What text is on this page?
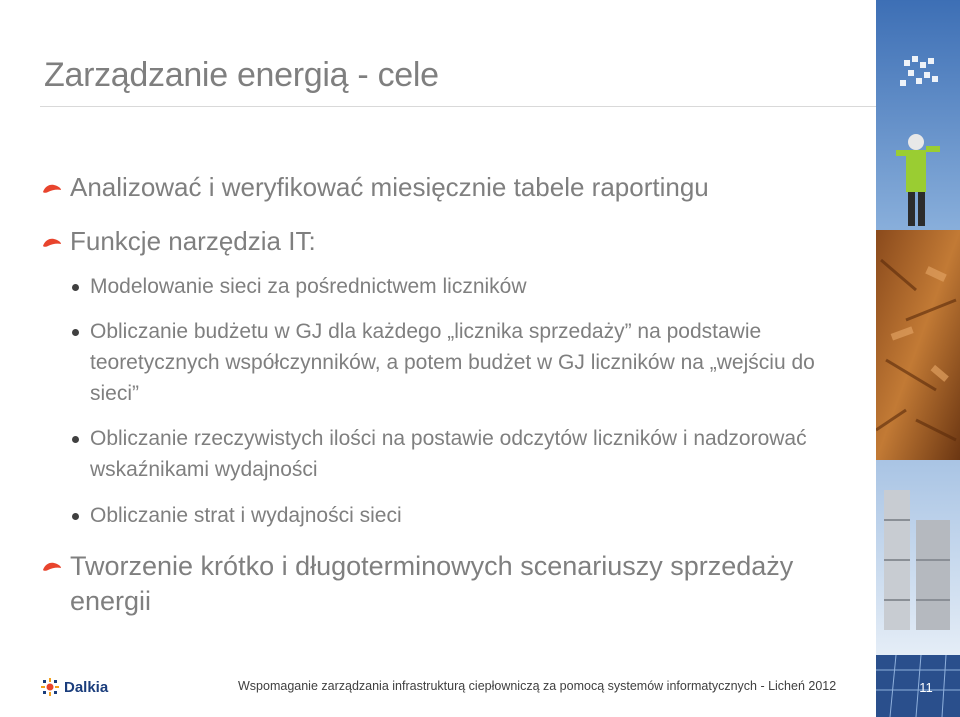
Zarządzanie energią - cele
Analizować i weryfikować miesięcznie tabele raportingu
Funkcje narzędzia IT:
Modelowanie sieci za pośrednictwem liczników
Obliczanie budżetu w GJ dla każdego „licznika sprzedaży” na podstawie teoretycznych współczynników, a potem budżet w GJ liczników na „wejściu do sieci”
Obliczanie rzeczywistych ilości na postawie odczytów liczników i nadzorować wskaźnikami wydajności
Obliczanie strat i wydajności sieci
Tworzenie krótko i długoterminowych scenariuszy sprzedaży energii
Dalkia	Wspomaganie zarządzania infrastrukturą ciepłowniczą za pomocą systemów informatycznych - Licheń 2012	11
